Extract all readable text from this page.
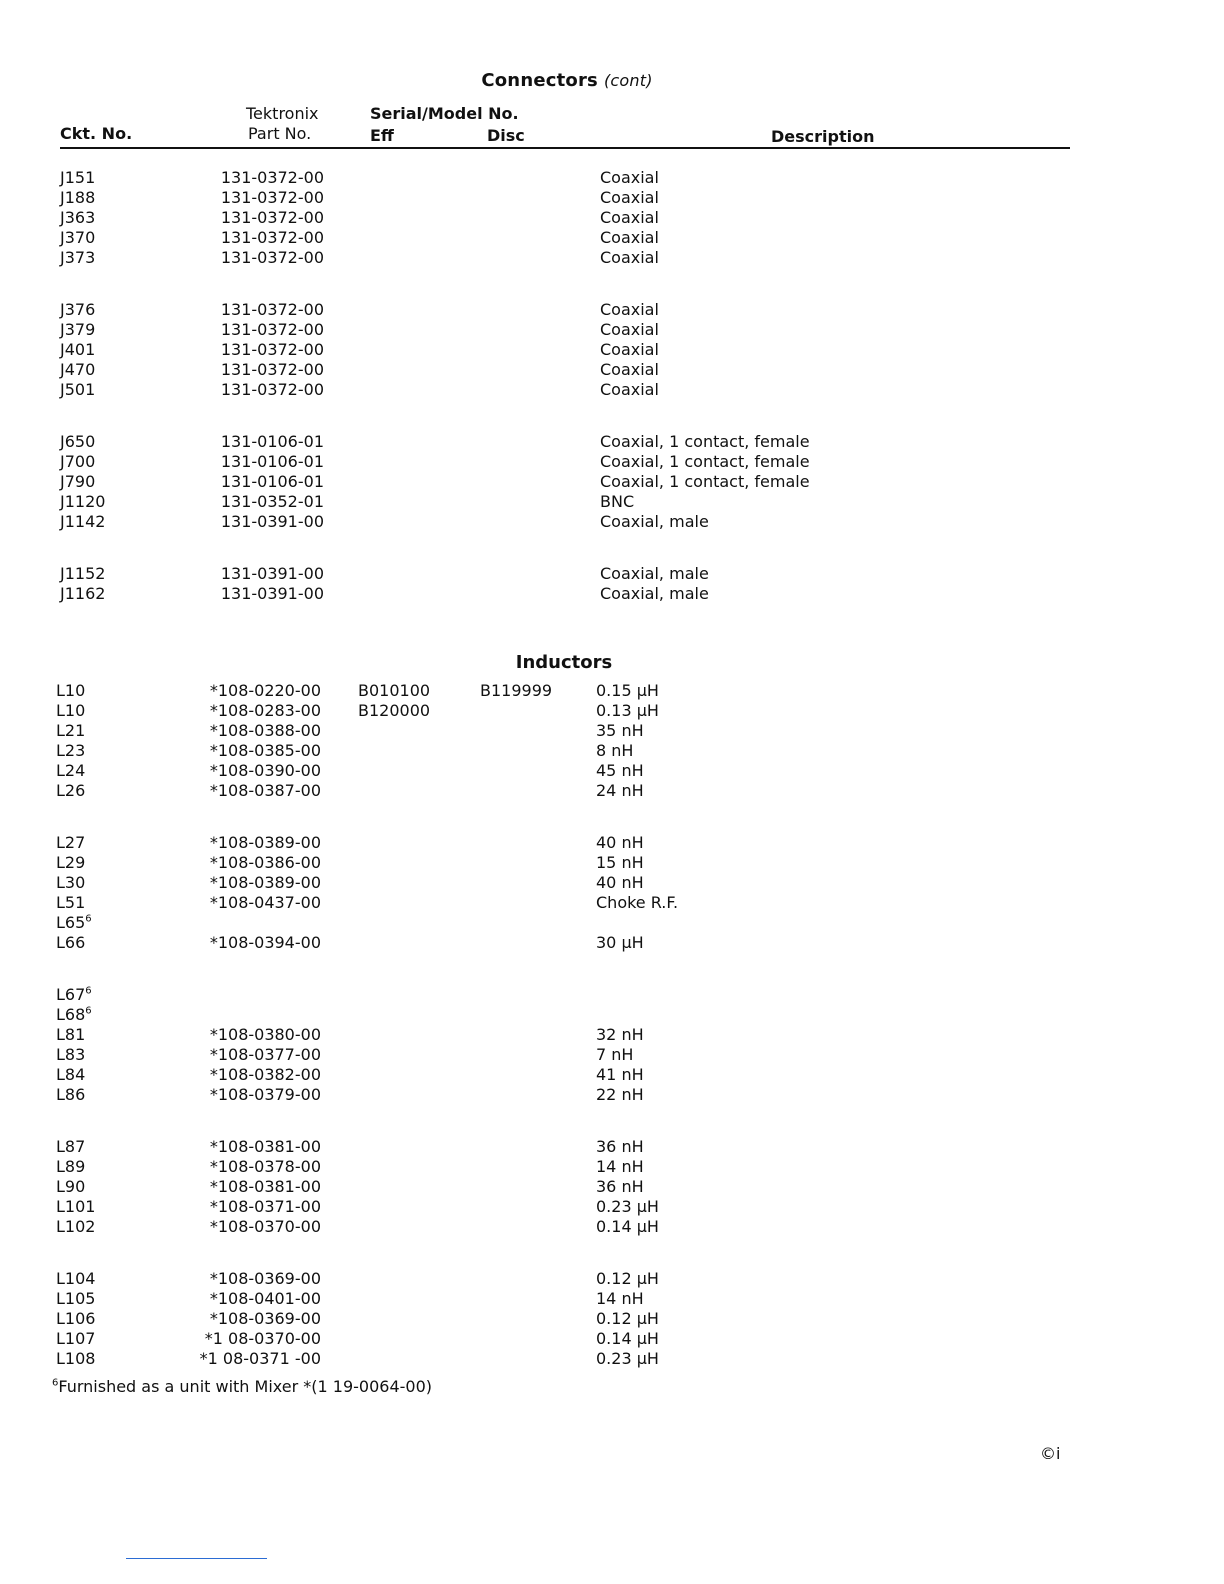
Connectors (cont)
Ckt. No.
Tektronix
Part No.
Serial/Model No.
Eff	Disc	Description
J151	131-0372-00	Coaxial
J188	131-0372-00	Coaxial
J363	131-0372-00	Coaxial
J370	131-0372-00	Coaxial
J373	131-0372-00	Coaxial
J376	131-0372-00	Coaxial
J379	131-0372-00	Coaxial
J401	131-0372-00	Coaxial
J470	131-0372-00	Coaxial
J501	131-0372-00	Coaxial
J650	131-0106-01	Coaxial, 1 contact, female
J700	131-0106-01	Coaxial, 1 contact, female
J790	131-0106-01	Coaxial, 1 contact, female
J1120	131-0352-01	BNC
J1142	131-0391-00	Coaxial, male
J1152	131-0391-00	Coaxial, male
J1162	131-0391-00	Coaxial, male
Inductors
L10	*108-0220-00 B010100	B119999	0.15 µH
L10	*108-0283-00 B120000	0.13 µH
L21	*108-0388-00	35 nH
L23	*108-0385-00	8 nH
L24	*108-0390-00	45 nH
L26	*108-0387-00	24 nH
L27	*108-0389-00	40 nH
L29	*108-0386-00	15 nH
L30	*108-0389-00	40 nH
L51	*108-0437-00	Choke R.F.
$L65^6$
L66	*108-0394-00	30 µH
$L67^6$
$L68^6$
L81	*108-0380-00	32 nH
L83	*108-0377-00	7 nH
L84	*108-0382-00	41 nH
L86	*108-0379-00	22 nH
L87	*108-0381-00	36 nH
L89	*108-0378-00	14 nH
L90	*108-0381-00	36 nH
L101	*108-0371-00	0.23 µH
L102	*108-0370-00	0.14 µH
L104	*108-0369-00	0.12 µH
L105	*108-0401-00	14 nH
L106	*108-0369-00	0.12 µH
L107	*1 08-0370-00	0.14 µH
L108	*1 08-0371 -00	0.23 µH
$^6$Furnished as a unit with Mixer *(1 19-0064-00)
©i
